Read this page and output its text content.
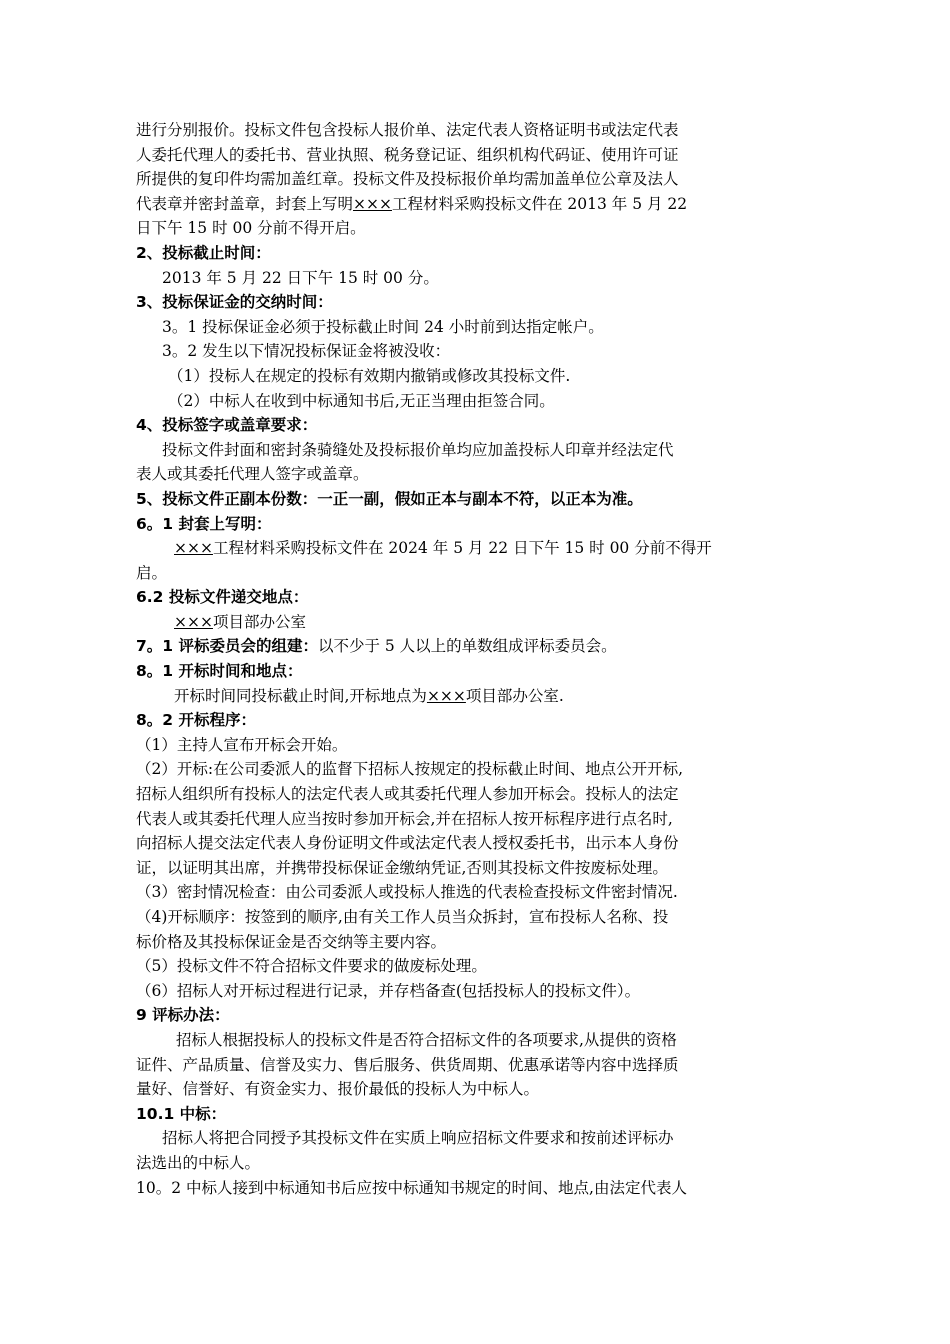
进行分别报价。投标文件包含投标人报价单、法定代表人资格证明书或法定代表
人委托代理人的委托书、营业执照、税务登记证、组织机构代码证、使用许可证
所提供的复印件均需加盖红章。投标文件及投标报价单均需加盖单位公章及法人
代表章并密封盖章，封套上写明×××工程材料采购投标文件在 2013 年 5 月 22
日下午 15 时 00 分前不得开启。
2、投标截止时间：
2013 年 5 月 22 日下午 15 时 00 分。
3、投标保证金的交纳时间：
3。1 投标保证金必须于投标截止时间 24 小时前到达指定帐户。
3。2 发生以下情况投标保证金将被没收：
（1）投标人在规定的投标有效期内撤销或修改其投标文件.
（2）中标人在收到中标通知书后,无正当理由拒签合同。
4、投标签字或盖章要求：
投标文件封面和密封条骑缝处及投标报价单均应加盖投标人印章并经法定代
表人或其委托代理人签字或盖章。
5、投标文件正副本份数：一正一副，假如正本与副本不符，以正本为准。
6。1 封套上写明：
×××工程材料采购投标文件在 2024 年 5 月 22 日下午 15 时 00 分前不得开
启。
6.2 投标文件递交地点：
×××项目部办公室
7。1 评标委员会的组建：以不少于 5 人以上的单数组成评标委员会。
8。1 开标时间和地点：
开标时间同投标截止时间,开标地点为×××项目部办公室.
8。2 开标程序：
（1）主持人宣布开标会开始。
（2）开标:在公司委派人的监督下招标人按规定的投标截止时间、地点公开开标,
招标人组织所有投标人的法定代表人或其委托代理人参加开标会。投标人的法定
代表人或其委托代理人应当按时参加开标会,并在招标人按开标程序进行点名时,
向招标人提交法定代表人身份证明文件或法定代表人授权委托书，出示本人身份
证，以证明其出席，并携带投标保证金缴纳凭证,否则其投标文件按废标处理。
（3）密封情况检查：由公司委派人或投标人推选的代表检查投标文件密封情况.
（4)开标顺序：按签到的顺序,由有关工作人员当众拆封，宣布投标人名称、投
标价格及其投标保证金是否交纳等主要内容。
（5）投标文件不符合招标文件要求的做废标处理。
（6）招标人对开标过程进行记录，并存档备查(包括投标人的投标文件）。
9 评标办法：
招标人根据投标人的投标文件是否符合招标文件的各项要求,从提供的资格
证件、产品质量、信誉及实力、售后服务、供货周期、优惠承诺等内容中选择质
量好、信誉好、有资金实力、报价最低的投标人为中标人。
10.1 中标：
招标人将把合同授予其投标文件在实质上响应招标文件要求和按前述评标办
法选出的中标人。
10。2 中标人接到中标通知书后应按中标通知书规定的时间、地点,由法定代表人
